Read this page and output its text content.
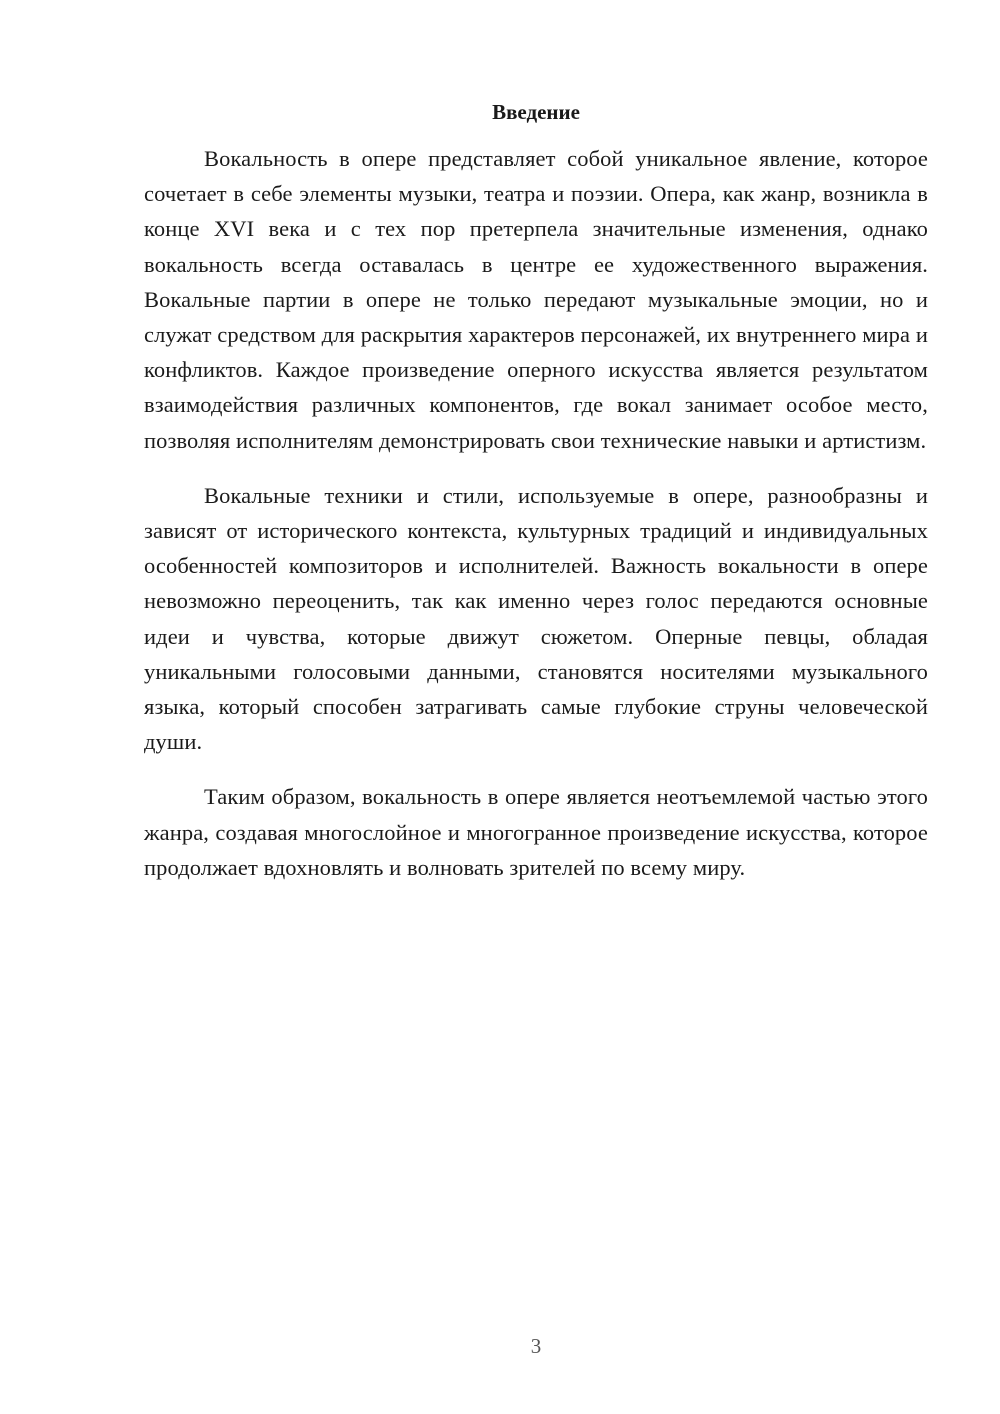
Введение

Вокальность в опере представляет собой уникальное явление, которое сочетает в себе элементы музыки, театра и поэзии. Опера, как жанр, возникла в конце XVI века и с тех пор претерпела значительные изменения, однако вокальность всегда оставалась в центре ее художественного выражения. Вокальные партии в опере не только передают музыкальные эмоции, но и служат средством для раскрытия характеров персонажей, их внутреннего мира и конфликтов. Каждое произведение оперного искусства является результатом взаимодействия различных компонентов, где вокал занимает особое место, позволяя исполнителям демонстрировать свои технические навыки и артистизм.

Вокальные техники и стили, используемые в опере, разнообразны и зависят от исторического контекста, культурных традиций и индивидуальных особенностей композиторов и исполнителей. Важность вокальности в опере невозможно переоценить, так как именно через голос передаются основные идеи и чувства, которые движут сюжетом. Оперные певцы, обладая уникальными голосовыми данными, становятся носителями музыкального языка, который способен затрагивать самые глубокие струны человеческой души.

Таким образом, вокальность в опере является неотъемлемой частью этого жанра, создавая многослойное и многогранное произведение искусства, которое продолжает вдохновлять и волновать зрителей по всему миру.

3
